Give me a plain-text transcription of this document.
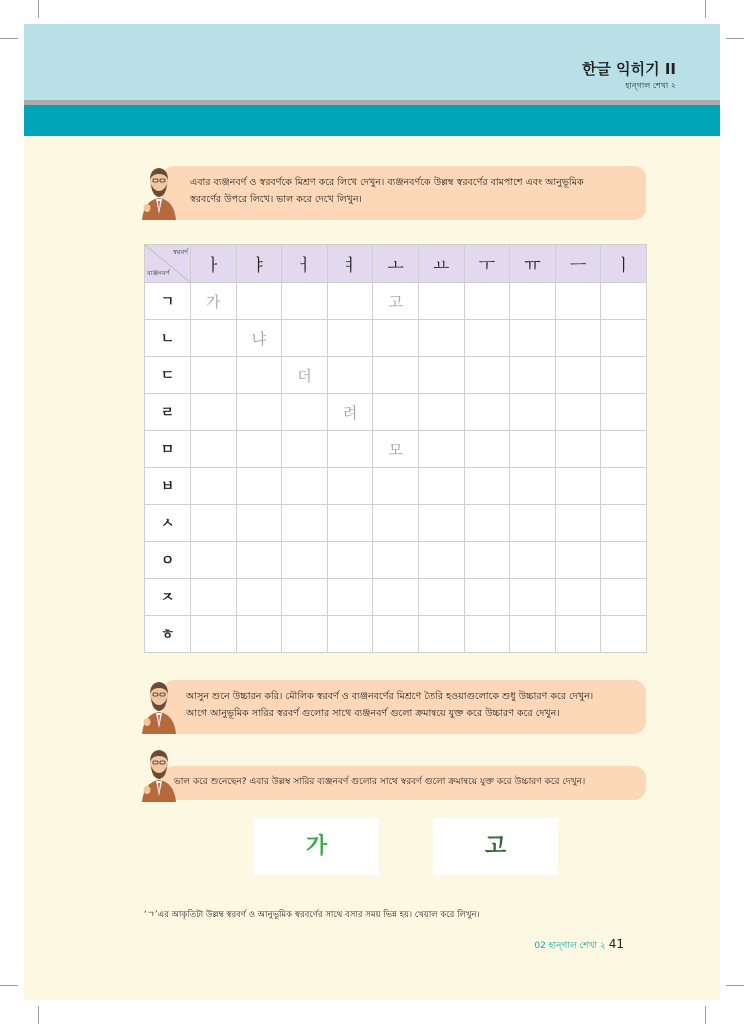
한글 익히기 II
হান্গাল শেখা ২
এবার ব্যঞ্জনবর্ণ ও স্বরবর্ণকে মিশ্রণ করে লিখে দেখুন। ব্যঞ্জনবর্ণকে উল্লম্ব স্বরবর্ণের বামপাশে এবং আনুভূমিক
স্বরবর্ণের উপরে লিখে। ভাল করে দেখে লিখুন।
স্বরবর্ণ
ব্যঞ্জনবর্ণ	ㅏ	ㅑ	ㅓ	ㅕ	ㅗ	ㅛ	ㅜ	ㅠ	ㅡ	ㅣ
ㄱ	가				고					
ㄴ		냐								
ㄷ			더							
ㄹ				려						
ㅁ					모					
ㅂ										
ㅅ										
ㅇ										
ㅈ										
ㅎ										
আসুন শুনে উচ্চারন করি। মৌলিক স্বরবর্ণ ও ব্যঞ্জনবর্ণের মিশ্রণে তৈরি হওয়াগুলোকে শুধু উচ্চারণ করে দেখুন।
আগে আনুভূমিক সারির স্বরবর্ণ গুলোর সাথে ব্যঞ্জনবর্ণ গুলো ক্রমান্বয়ে যুক্ত করে উচ্চারণ করে দেখুন।
ভাল করে শুনেছেন? এবার উল্লম্ব সারির ব্যঞ্জনবর্ণ গুলোর সাথে স্বরবর্ণ গুলো ক্রমান্বয়ে যুক্ত করে উচ্চারণ করে দেখুন।
가	고
‘ㄱ’এর আকৃতিটা উল্লম্ব স্বরবর্ণ ও আনুভূমিক স্বরবর্ণের সাথে বসার সময় ভিন্ন হয়। খেয়াল করে লিখুন।
02 হান্গাল শেখা ২ 41
